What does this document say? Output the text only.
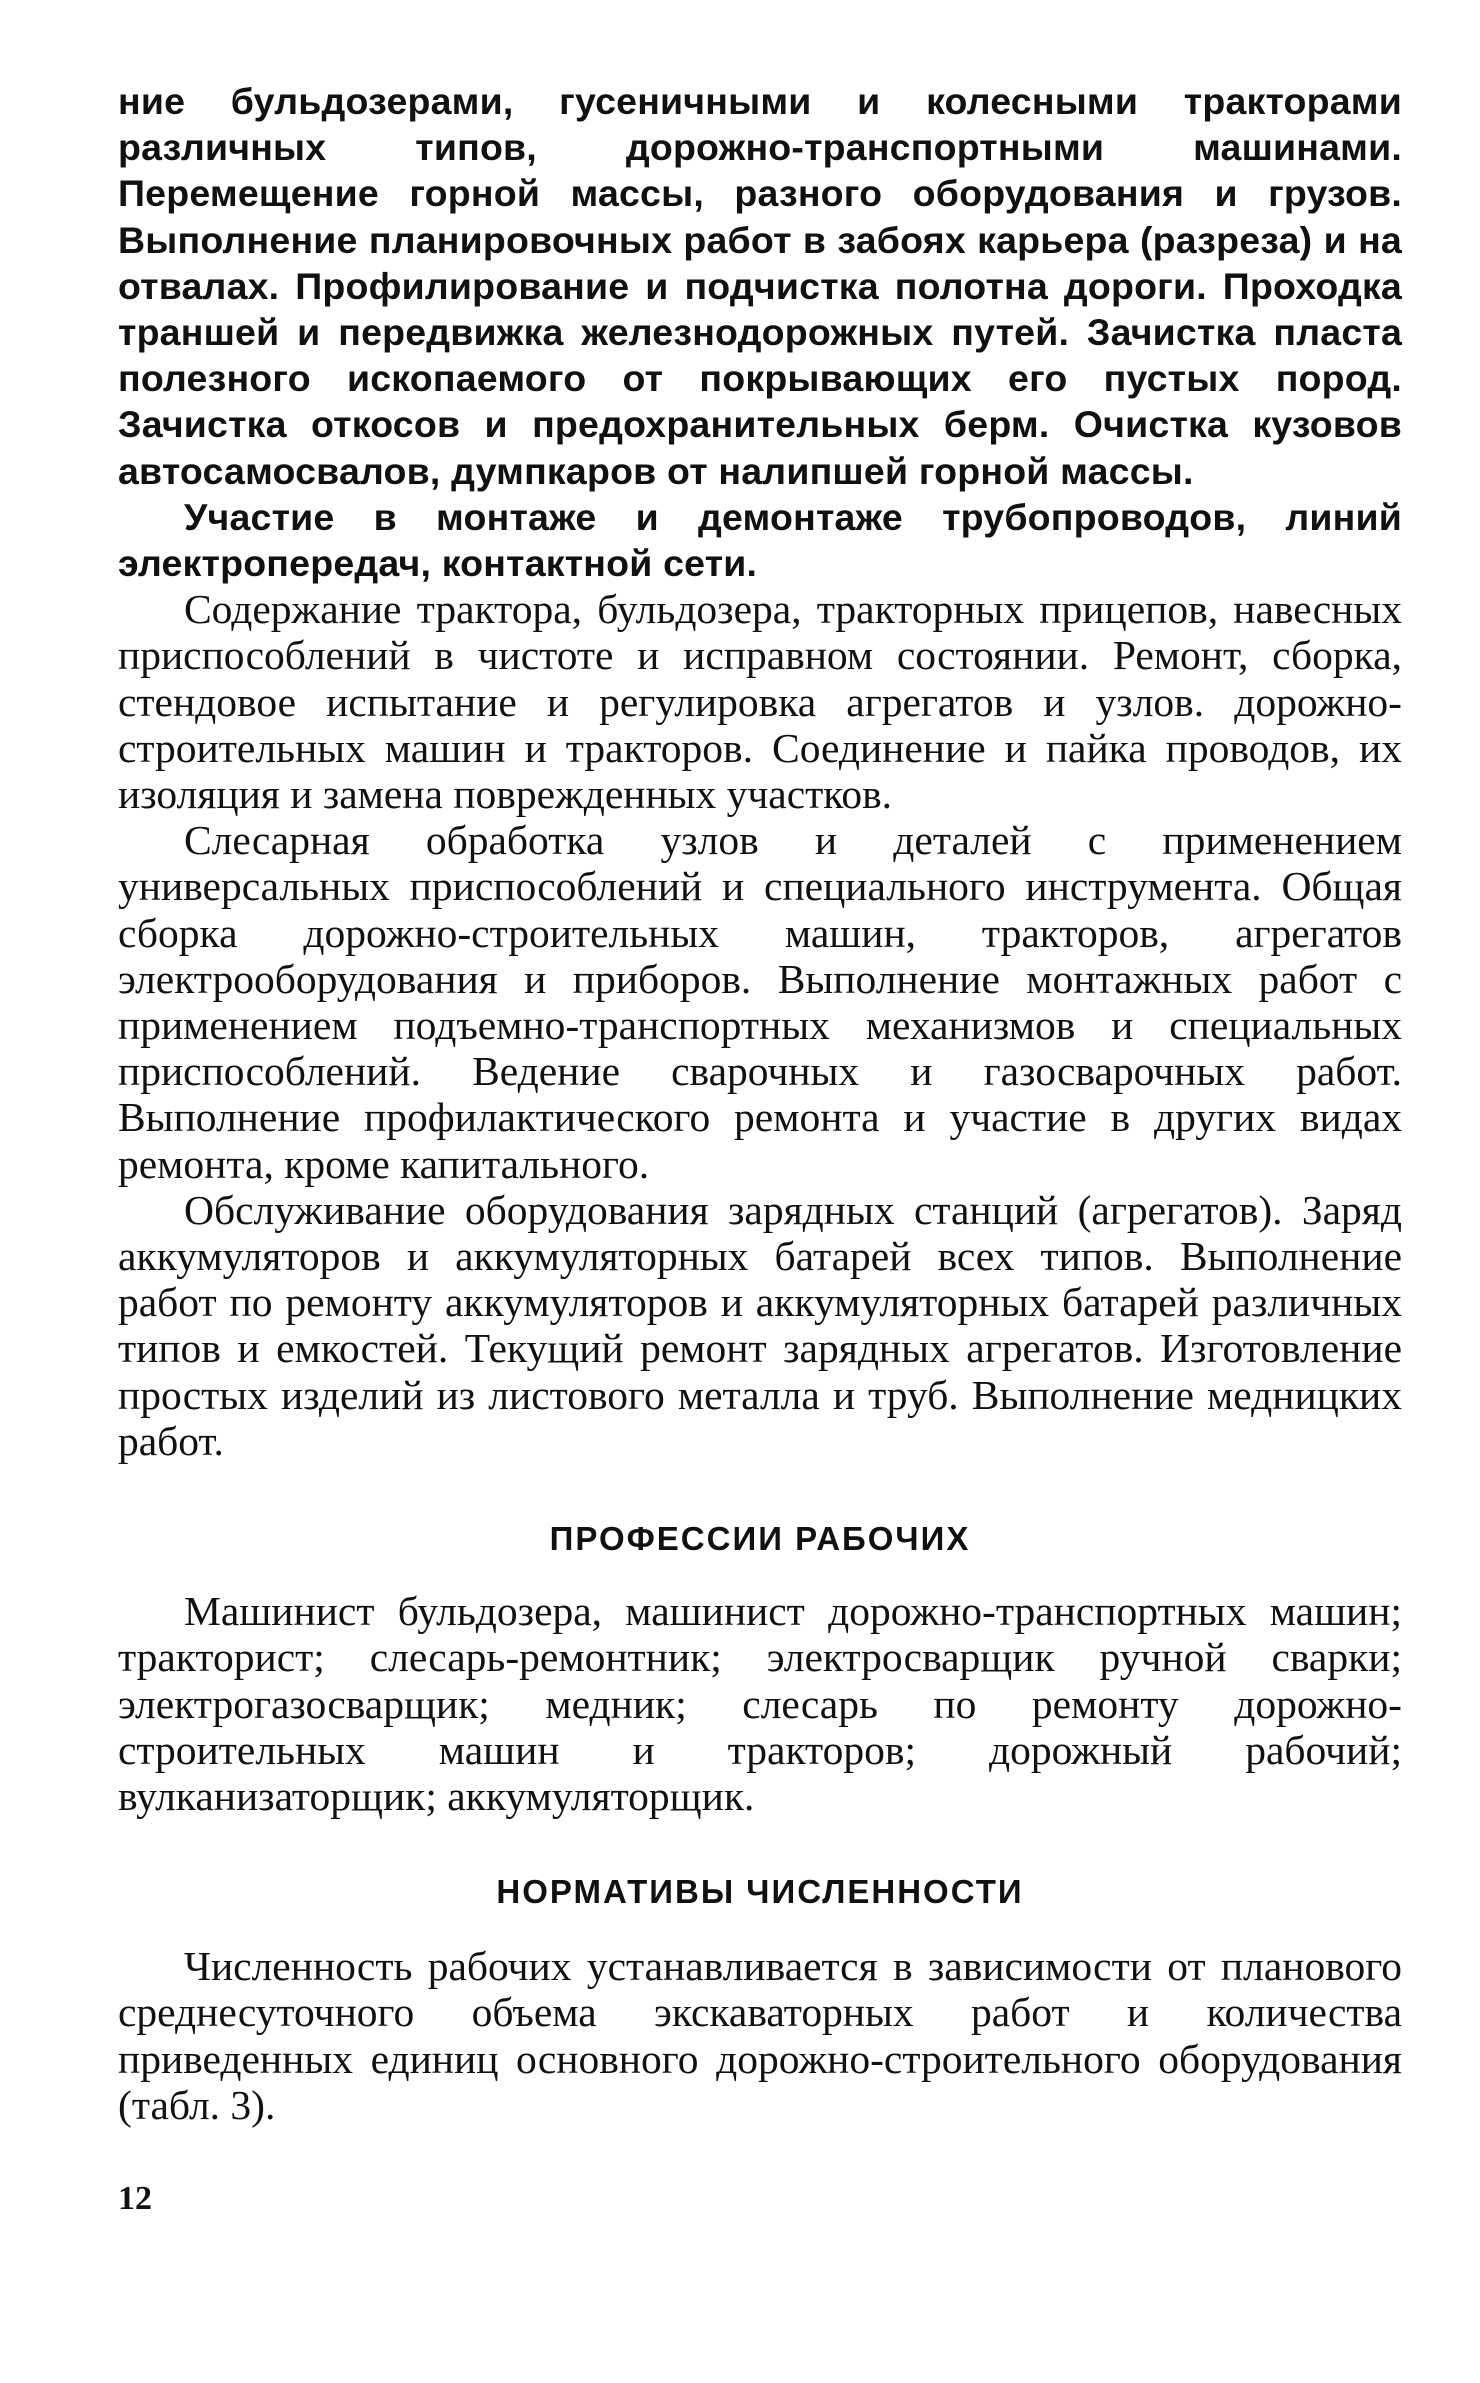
ние бульдозерами, гусеничными и колесными тракторами различных типов, дорожно-транспортными машинами. Перемещение горной массы, разного оборудования и грузов. Выполнение планировочных работ в забоях карьера (разреза) и на отвалах. Профилирование и подчистка полотна дороги. Проходка траншей и передвижка железнодорожных путей. Зачистка пласта полезного ископаемого от покрывающих его пустых пород. Зачистка откосов и предохранительных берм. Очистка кузовов автосамосвалов, думпкаров от налипшей горной массы.

Участие в монтаже и демонтаже трубопроводов, линий электропередач, контактной сети.

Содержание трактора, бульдозера, тракторных прицепов, навесных приспособлений в чистоте и исправном состоянии. Ремонт, сборка, стендовое испытание и регулировка агрегатов и узлов. дорожно-строительных машин и тракторов. Соединение и пайка проводов, их изоляция и замена поврежденных участков.

Слесарная обработка узлов и деталей с применением универсальных приспособлений и специального инструмента. Общая сборка дорожно-строительных машин, тракторов, агрегатов электрооборудования и приборов. Выполнение монтажных работ с применением подъемно-транспортных механизмов и специальных приспособлений. Ведение сварочных и газосварочных работ. Выполнение профилактического ремонта и участие в других видах ремонта, кроме капитального.

Обслуживание оборудования зарядных станций (агрегатов). Заряд аккумуляторов и аккумуляторных батарей всех типов. Выполнение работ по ремонту аккумуляторов и аккумуляторных батарей различных типов и емкостей. Текущий ремонт зарядных агрегатов. Изготовление простых изделий из листового металла и труб. Выполнение медницких работ.

ПРОФЕССИИ РАБОЧИХ

Машинист бульдозера, машинист дорожно-транспортных машин; тракторист; слесарь-ремонтник; электросварщик ручной сварки; электрогазосварщик; медник; слесарь по ремонту дорожно-строительных машин и тракторов; дорожный рабочий; вулканизаторщик; аккумуляторщик.

НОРМАТИВЫ ЧИСЛЕННОСТИ

Численность рабочих устанавливается в зависимости от планового среднесуточного объема экскаваторных работ и количества приведенных единиц основного дорожно-строительного оборудования (табл. 3).

12
